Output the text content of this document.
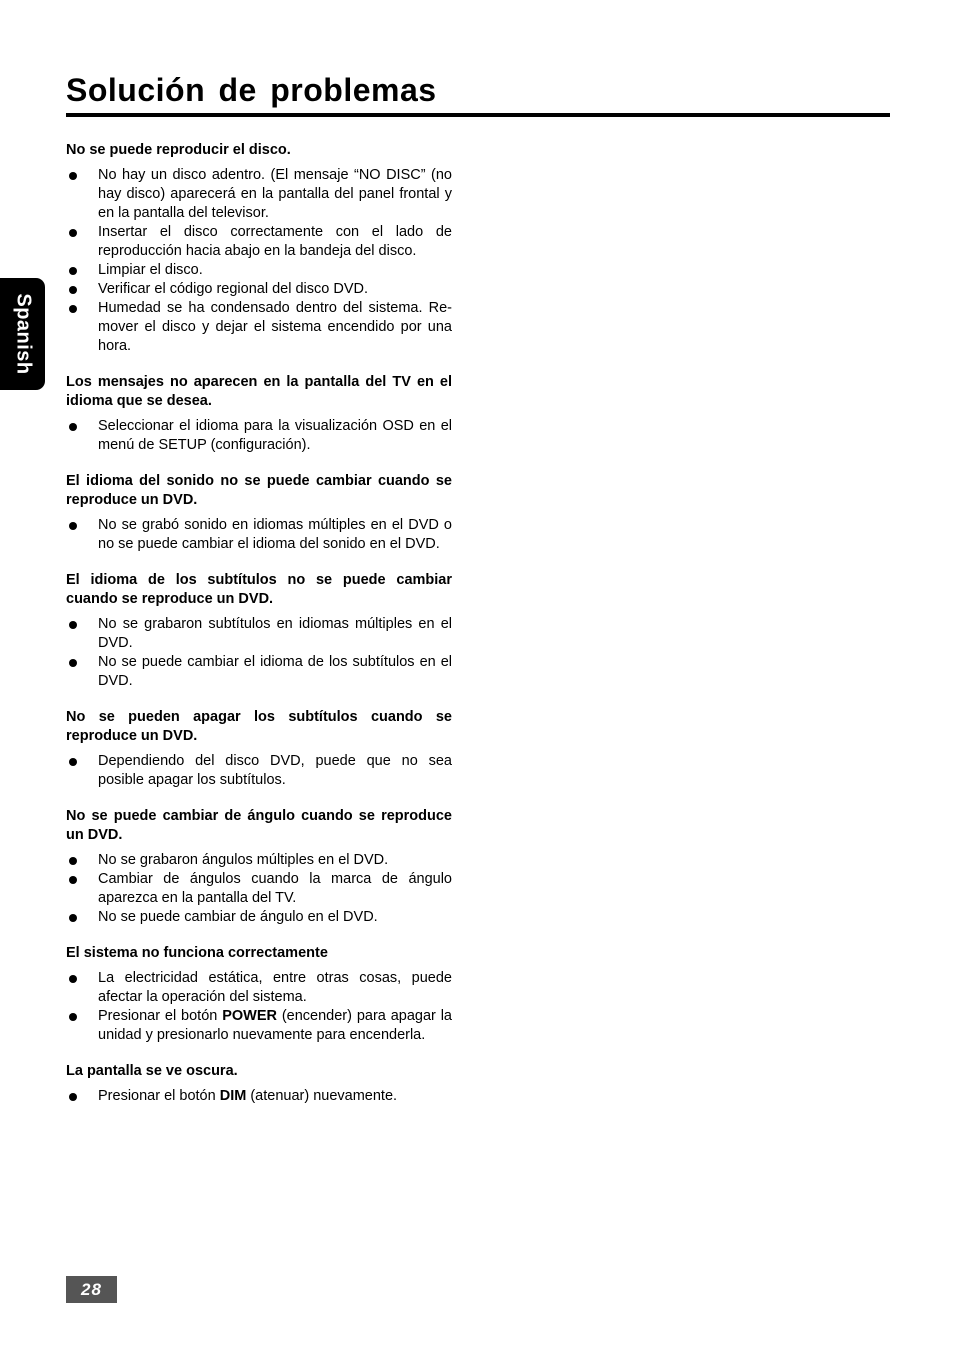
Solución de problemas
Spanish
No se puede reproducir el disco.
No hay un disco adentro. (El mensaje “NO DISC” (no hay disco) aparecerá en la pantalla del panel frontal y en la pantalla del televisor.
Insertar el disco correctamente con el lado de reproducción hacia abajo en la bandeja del disco.
Limpiar el disco.
Verificar el código regional del disco DVD.
Humedad se ha condensado dentro del sistema. Re-mover el disco y dejar el sistema encendido por una hora.
Los mensajes no aparecen en la pantalla del TV en el idioma que se desea.
Seleccionar el idioma para la visualización OSD en el menú de SETUP (configuración).
El idioma del sonido no se puede cambiar cuando se reproduce un DVD.
No se grabó sonido en idiomas múltiples en el DVD o no se puede cambiar el idioma del sonido en el DVD.
El idioma de los subtítulos no se puede cambiar cuando se reproduce un DVD.
No se grabaron subtítulos en idiomas múltiples en el DVD.
No se puede cambiar el idioma de los subtítulos en el DVD.
No se pueden apagar los subtítulos cuando se reproduce un DVD.
Dependiendo del disco DVD, puede que no sea posible apagar los subtítulos.
No se puede cambiar de ángulo cuando se reproduce un DVD.
No se grabaron ángulos múltiples en el DVD.
Cambiar de ángulos cuando la marca de ángulo aparezca en la pantalla del TV.
No se puede cambiar de ángulo en el DVD.
El sistema no funciona correctamente
La electricidad estática, entre otras cosas, puede afectar la operación del sistema.
Presionar el botón POWER (encender) para apagar la unidad y presionarlo nuevamente para encenderla.
La pantalla se ve oscura.
Presionar el botón DIM (atenuar) nuevamente.
28
